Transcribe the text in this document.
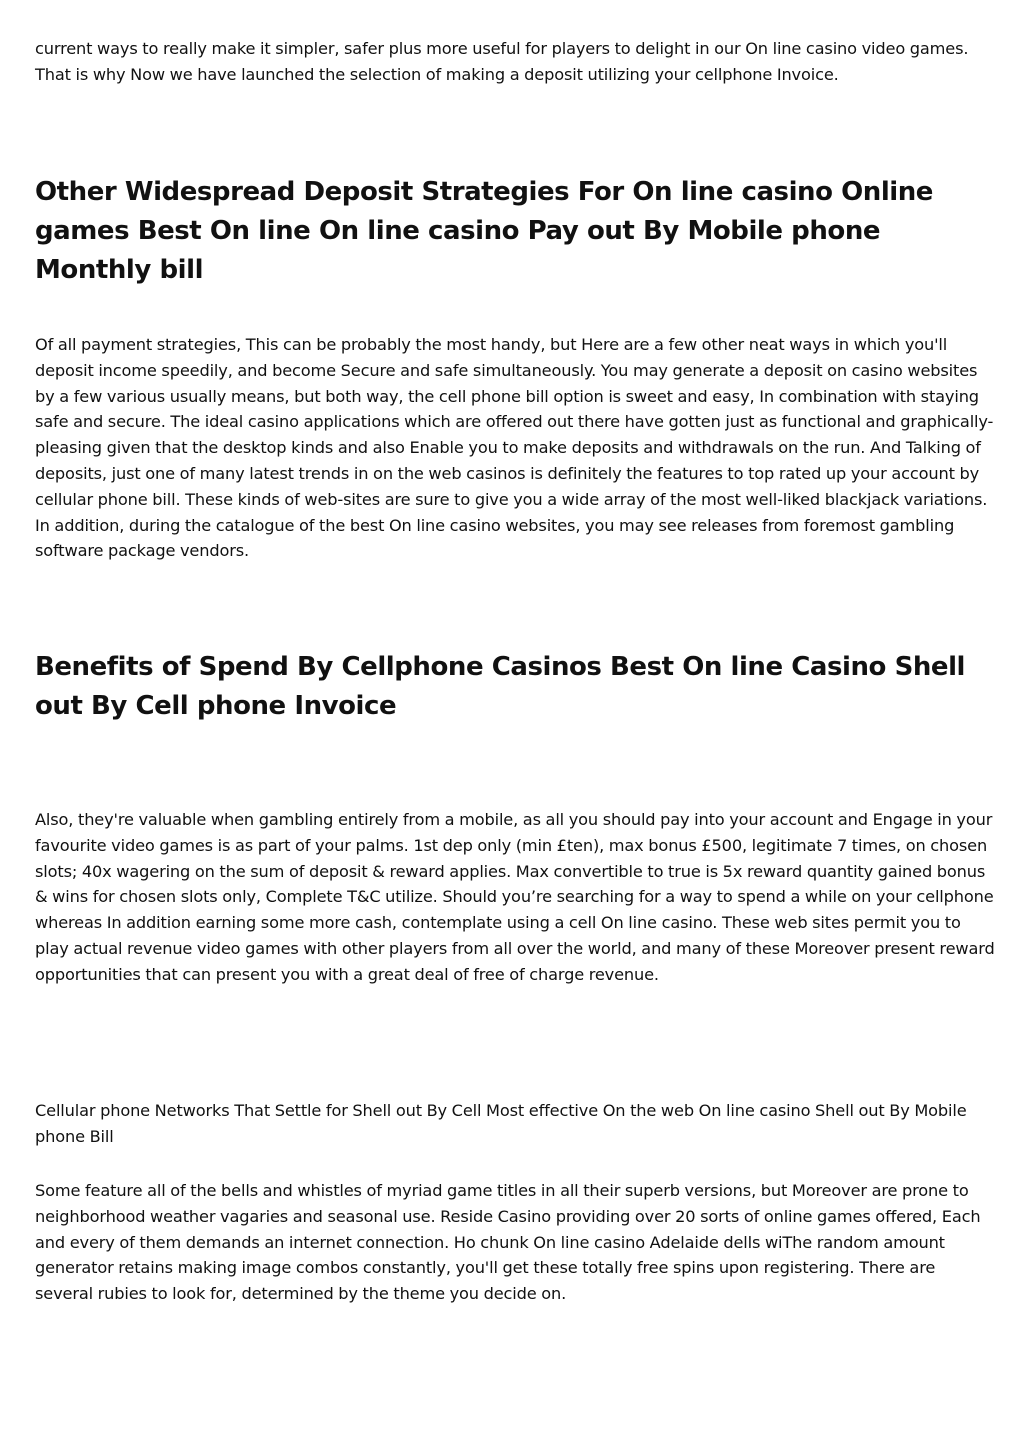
current ways to really make it simpler, safer plus more useful for players to delight in our On line casino video games. That is why Now we have launched the selection of making a deposit utilizing your cellphone Invoice.

Other Widespread Deposit Strategies For On line casino Online games Best On line On line casino Pay out By Mobile phone Monthly bill

Of all payment strategies, This can be probably the most handy, but Here are a few other neat ways in which you'll deposit income speedily, and become Secure and safe simultaneously. You may generate a deposit on casino websites by a few various usually means, but both way, the cell phone bill option is sweet and easy, In combination with staying safe and secure. The ideal casino applications which are offered out there have gotten just as functional and graphically-pleasing given that the desktop kinds and also Enable you to make deposits and withdrawals on the run. And Talking of deposits, just one of many latest trends in on the web casinos is definitely the features to top rated up your account by cellular phone bill. These kinds of web-sites are sure to give you a wide array of the most well-liked blackjack variations. In addition, during the catalogue of the best On line casino websites, you may see releases from foremost gambling software package vendors.

Benefits of Spend By Cellphone Casinos Best On line Casino Shell out By Cell phone Invoice

Also, they're valuable when gambling entirely from a mobile, as all you should pay into your account and Engage in your favourite video games is as part of your palms. 1st dep only (min £ten), max bonus £500, legitimate 7 times, on chosen slots; 40x wagering on the sum of deposit & reward applies. Max convertible to true is 5x reward quantity gained bonus & wins for chosen slots only, Complete T&C utilize. Should you’re searching for a way to spend a while on your cellphone whereas In addition earning some more cash, contemplate using a cell On line casino. These web sites permit you to play actual revenue video games with other players from all over the world, and many of these Moreover present reward opportunities that can present you with a great deal of free of charge revenue.

Cellular phone Networks That Settle for Shell out By Cell Most effective On the web On line casino Shell out By Mobile phone Bill

Some feature all of the bells and whistles of myriad game titles in all their superb versions, but Moreover are prone to neighborhood weather vagaries and seasonal use. Reside Casino providing over 20 sorts of online games offered, Each and every of them demands an internet connection. Ho chunk On line casino Adelaide dells wiThe random amount generator retains making image combos constantly, you'll get these totally free spins upon registering. There are several rubies to look for, determined by the theme you decide on.
